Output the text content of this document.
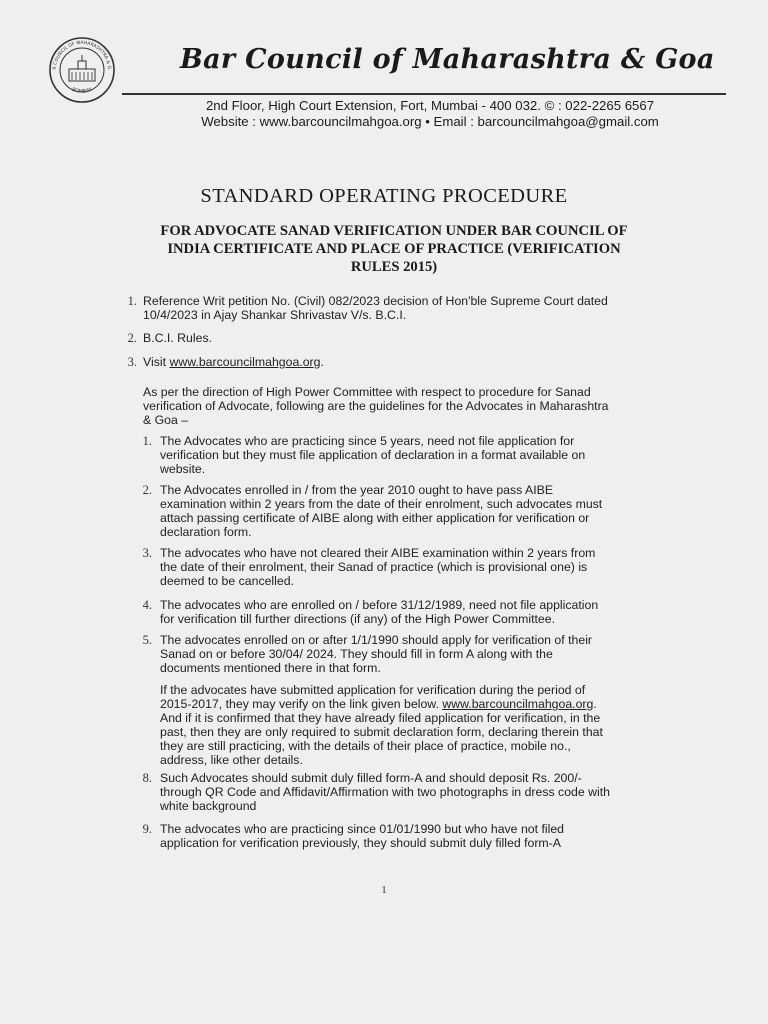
R COUNCIL OF MAHARASHTRA & G
BOMBAY
Bar Council of Maharashtra & Goa
2nd Floor, High Court Extension, Fort, Mumbai - 400 032. © : 022-2265 6567
Website : www.barcouncilmahgoa.org • Email : barcouncilmahgoa@gmail.com
STANDARD OPERATING PROCEDURE
FOR ADVOCATE SANAD VERIFICATION UNDER BAR COUNCIL OF INDIA CERTIFICATE AND PLACE OF PRACTICE (VERIFICATION RULES 2015)
1. Reference Writ petition No. (Civil) 082/2023 decision of Hon'ble Supreme Court dated
10/4/2023 in Ajay Shankar Shrivastav V/s. B.C.I.
2. B.C.I. Rules.
3. Visit www.barcouncilmahgoa.org.
As per the direction of High Power Committee with respect to procedure for Sanad
verification of Advocate, following are the guidelines for the Advocates in Maharashtra
& Goa –
1. The Advocates who are practicing since 5 years, need not file application for
verification but they must file application of declaration in a format available on
website.
2. The Advocates enrolled in / from the year 2010 ought to have pass AIBE
examination within 2 years from the date of their enrolment, such advocates must
attach passing certificate of AIBE along with either application for verification or
declaration form.
3. The advocates who have not cleared their AIBE examination within 2 years from
the date of their enrolment, their Sanad of practice (which is provisional one) is
deemed to be cancelled.
4. The advocates who are enrolled on / before 31/12/1989, need not file application
for verification till further directions (if any) of the High Power Committee.
5. The advocates enrolled on or after 1/1/1990 should apply for verification of their
Sanad on or before 30/04/ 2024. They should fill in form A along with the
documents mentioned there in that form.
If the advocates have submitted application for verification during the period of
2015-2017, they may verify on the link given below. www.barcouncilmahgoa.org.
And if it is confirmed that they have already filed application for verification, in the
past, then they are only required to submit declaration form, declaring therein that
they are still practicing, with the details of their place of practice, mobile no.,
address, like other details.
8. Such Advocates should submit duly filled form-A and should deposit Rs. 200/-
through QR Code and Affidavit/Affirmation with two photographs in dress code with
white background
9. The advocates who are practicing since 01/01/1990 but who have not filed
application for verification previously, they should submit duly filled form-A
1
